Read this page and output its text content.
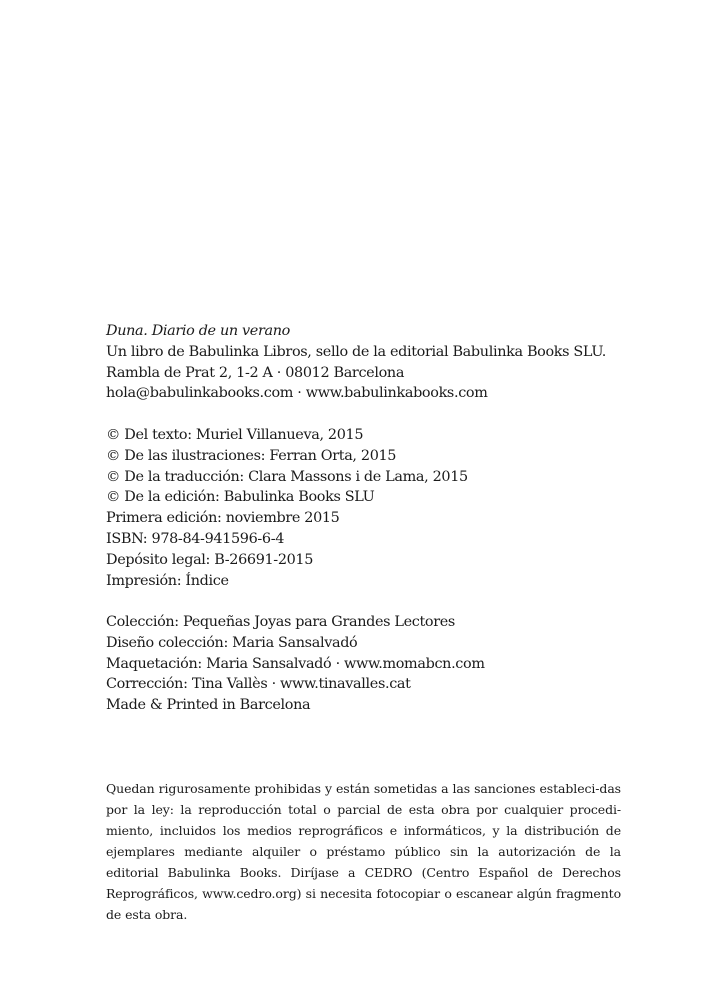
Duna. Diario de un verano
Un libro de Babulinka Libros, sello de la editorial Babulinka Books SLU.
Rambla de Prat 2, 1-2 A · 08012 Barcelona
hola@babulinkabooks.com · www.babulinkabooks.com
© Del texto: Muriel Villanueva, 2015
© De las ilustraciones: Ferran Orta, 2015
© De la traducción: Clara Massons i de Lama, 2015
© De la edición: Babulinka Books SLU
Primera edición: noviembre 2015
ISBN: 978-84-941596-6-4
Depósito legal: B-26691-2015
Impresión: Índice
Colección: Pequeñas Joyas para Grandes Lectores
Diseño colección: Maria Sansalvadó
Maquetación: Maria Sansalvadó · www.momabcn.com
Corrección: Tina Vallès · www.tinavalles.cat
Made & Printed in Barcelona

Quedan rigurosamente prohibidas y están sometidas a las sanciones estableci-das por la ley: la reproducción total o parcial de esta obra por cualquier procedi-miento, incluidos los medios reprográficos e informáticos, y la distribución de ejemplares mediante alquiler o préstamo público sin la autorización de la editorial Babulinka Books. Diríjase a CEDRO (Centro Español de Derechos Reprográficos, www.cedro.org) si necesita fotocopiar o escanear algún fragmento de esta obra.
